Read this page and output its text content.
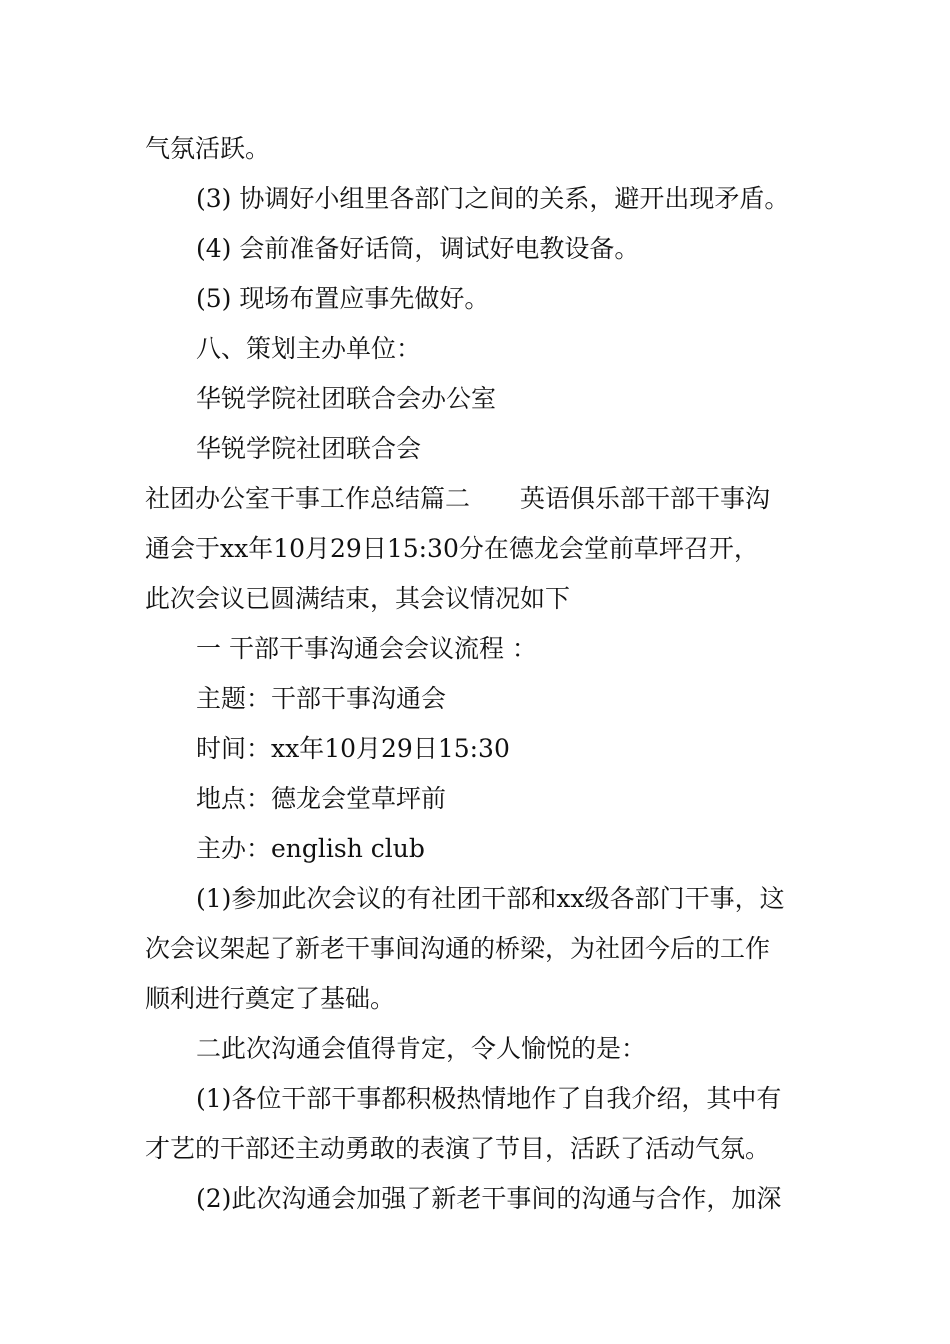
气氛活跃。
(3) 协调好小组里各部门之间的关系，避开出现矛盾。
(4) 会前准备好话筒，调试好电教设备。
(5) 现场布置应事先做好。
八、策划主办单位：
华锐学院社团联合会办公室
华锐学院社团联合会
社团办公室干事工作总结篇二　　英语俱乐部干部干事沟
通会于xx年10月29日15:30分在德龙会堂前草坪召开，
此次会议已圆满结束，其会议情况如下
一 干部干事沟通会会议流程 ：
主题：干部干事沟通会
时间：xx年10月29日15:30
地点：德龙会堂草坪前
主办：english club
(1)参加此次会议的有社团干部和xx级各部门干事，这
次会议架起了新老干事间沟通的桥梁，为社团今后的工作
顺利进行奠定了基础。
二此次沟通会值得肯定，令人愉悦的是：
(1)各位干部干事都积极热情地作了自我介绍，其中有
才艺的干部还主动勇敢的表演了节目，活跃了活动气氛。
(2)此次沟通会加强了新老干事间的沟通与合作，加深
